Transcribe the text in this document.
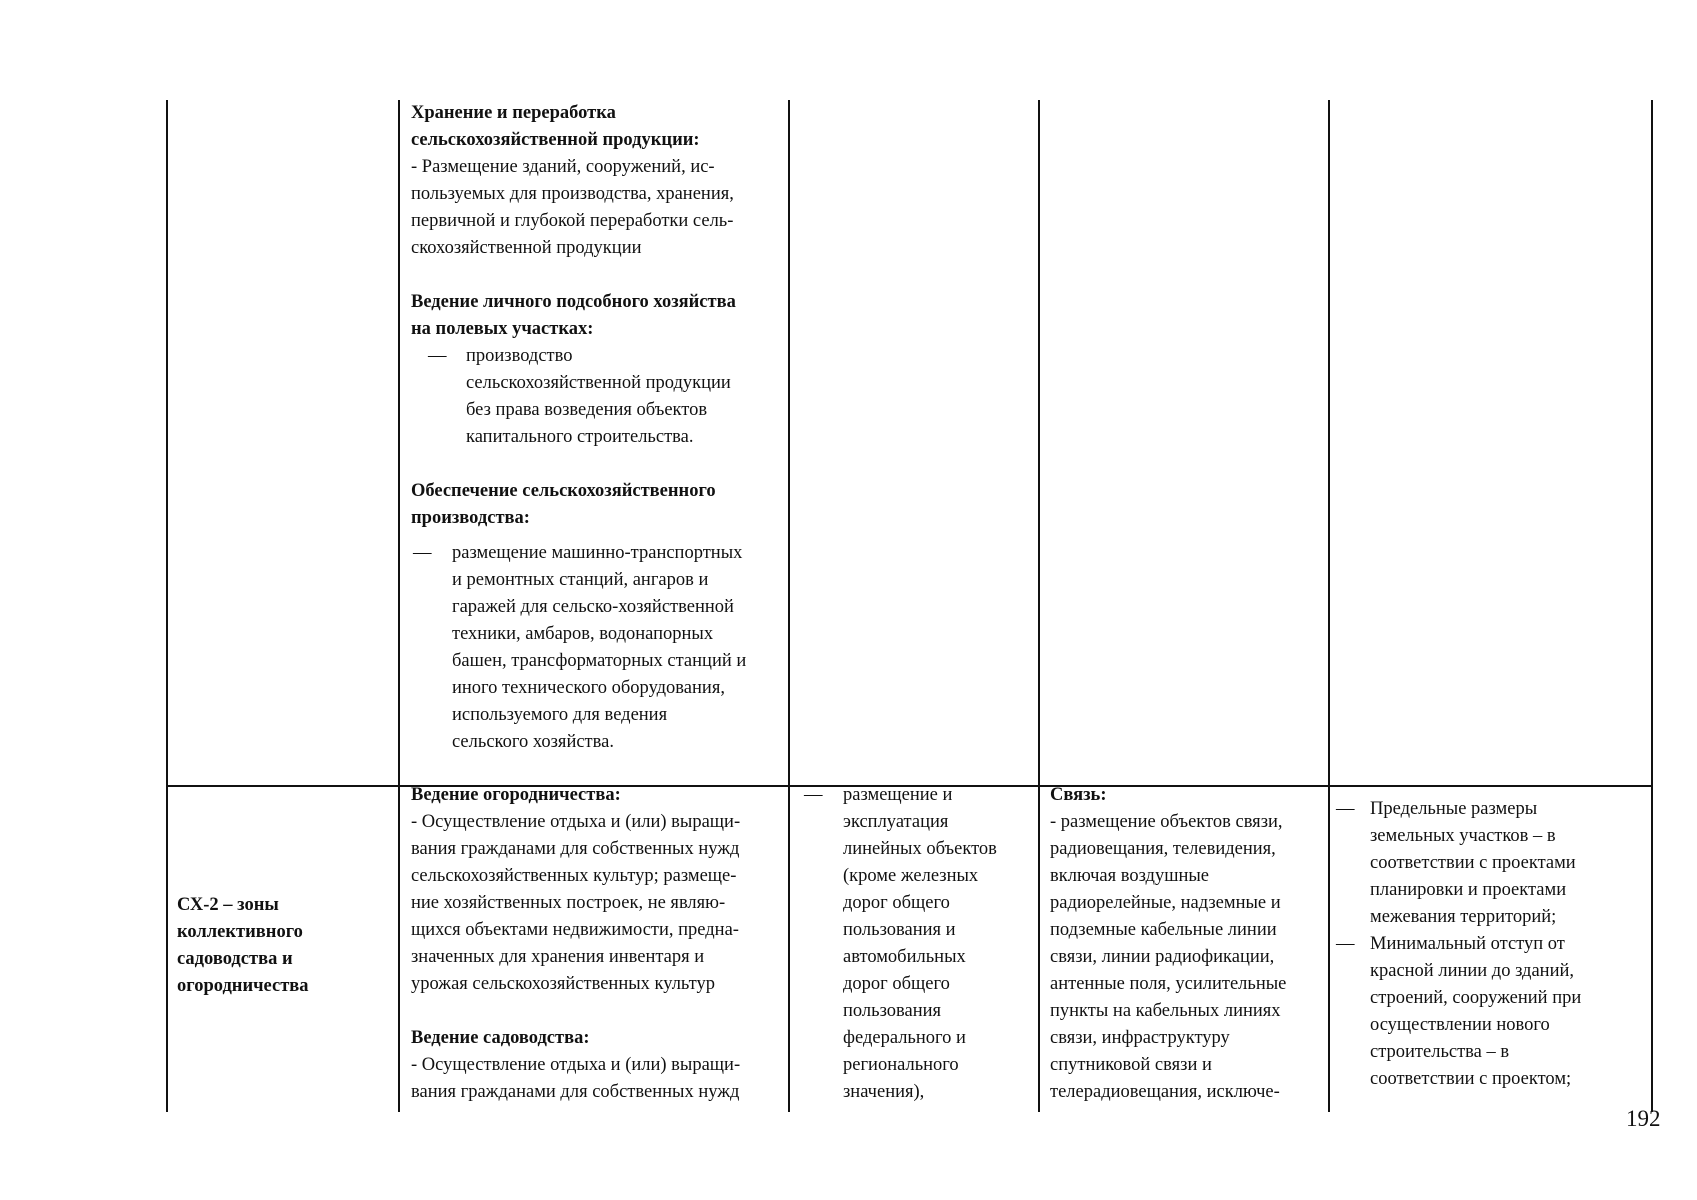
Хранение и переработка
сельскохозяйственной продукции:
- Размещение зданий, сооружений, ис-
пользуемых для производства, хранения,
первичной и глубокой переработки сель-
скохозяйственной продукции
Ведение личного подсобного хозяйства
на полевых участках:
— производство
сельскохозяйственной продукции
без права возведения объектов
капитального строительства.
Обеспечение сельскохозяйственного
производства:
— размещение машинно-транспортных
и ремонтных станций, ангаров и
гаражей для сельско-хозяйственной
техники, амбаров, водонапорных
башен, трансформаторных станций и
иного технического оборудования,
используемого для ведения
сельского хозяйства.
СХ-2 – зоны
коллективного
садоводства и
огородничества
Ведение огородничества:
- Осуществление отдыха и (или) выращи-
вания гражданами для собственных нужд
сельскохозяйственных культур; размеще-
ние хозяйственных построек, не являю-
щихся объектами недвижимости, предна-
значенных для хранения инвентаря и
урожая сельскохозяйственных культур
Ведение садоводства:
- Осуществление отдыха и (или) выращи-
вания гражданами для собственных нужд
— размещение и
эксплуатация
линейных объектов
(кроме железных
дорог общего
пользования и
автомобильных
дорог общего
пользования
федерального и
регионального
значения),
Связь:
- размещение объектов связи,
радиовещания, телевидения,
включая воздушные
радиорелейные, надземные и
подземные кабельные линии
связи, линии радиофикации,
антенные поля, усилительные
пункты на кабельных линиях
связи, инфраструктуру
спутниковой связи и
телерадиовещания, исключе-
— Предельные размеры
земельных участков – в
соответствии с проектами
планировки и проектами
межевания территорий;
— Минимальный отступ от
красной линии до зданий,
строений, сооружений при
осуществлении нового
строительства – в
соответствии с проектом;
192
